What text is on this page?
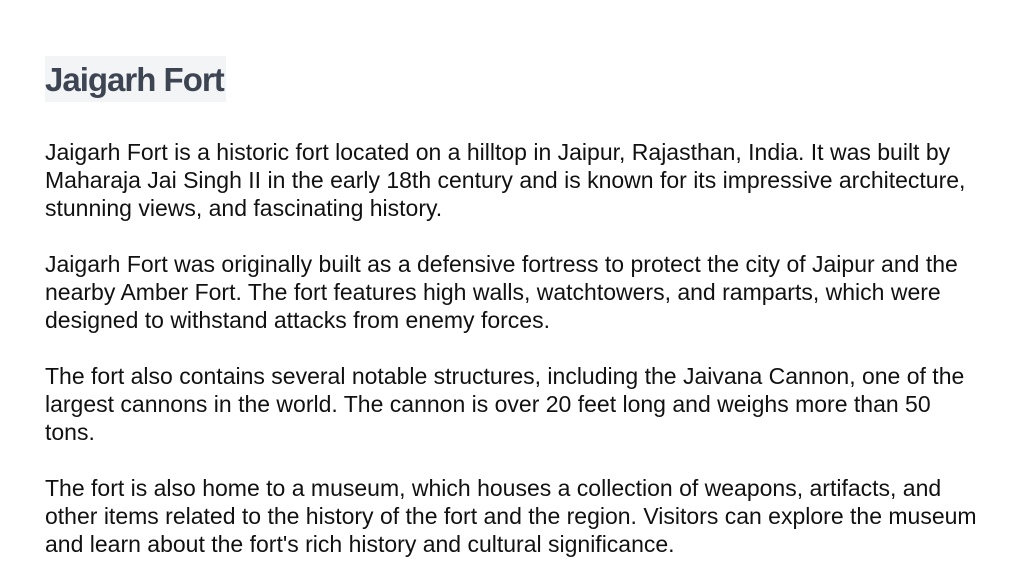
Jaigarh Fort

Jaigarh Fort is a historic fort located on a hilltop in Jaipur, Rajasthan, India. It was built by Maharaja Jai Singh II in the early 18th century and is known for its impressive architecture, stunning views, and fascinating history.

Jaigarh Fort was originally built as a defensive fortress to protect the city of Jaipur and the nearby Amber Fort. The fort features high walls, watchtowers, and ramparts, which were designed to withstand attacks from enemy forces.

The fort also contains several notable structures, including the Jaivana Cannon, one of the largest cannons in the world. The cannon is over 20 feet long and weighs more than 50 tons.

The fort is also home to a museum, which houses a collection of weapons, artifacts, and other items related to the history of the fort and the region. Visitors can explore the museum and learn about the fort's rich history and cultural significance.
